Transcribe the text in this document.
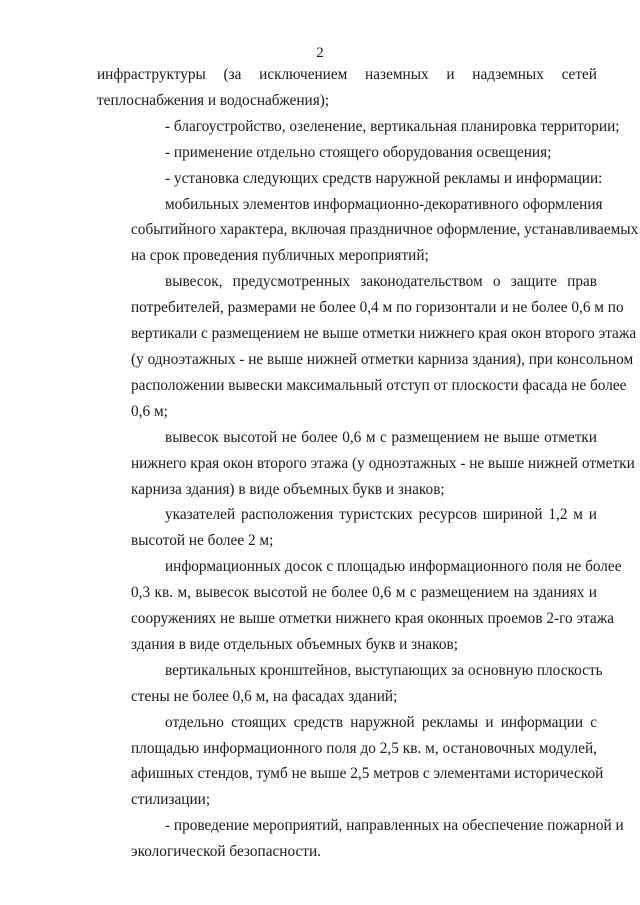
2
инфраструктуры (за исключением наземных и надземных сетей
теплоснабжения и водоснабжения);
- благоустройство, озеленение, вертикальная планировка территории;
- применение отдельно стоящего оборудования освещения;
- установка следующих средств наружной рекламы и информации:
мобильных элементов информационно-декоративного оформления
событийного характера, включая праздничное оформление, устанавливаемых
на срок проведения публичных мероприятий;
вывесок, предусмотренных законодательством о защите прав
потребителей, размерами не более 0,4 м по горизонтали и не более 0,6 м по
вертикали с размещением не выше отметки нижнего края окон второго этажа
(у одноэтажных - не выше нижней отметки карниза здания), при консольном
расположении вывески максимальный отступ от плоскости фасада не более
0,6 м;
вывесок высотой не более 0,6 м с размещением не выше отметки
нижнего края окон второго этажа (у одноэтажных - не выше нижней отметки
карниза здания) в виде объемных букв и знаков;
указателей расположения туристских ресурсов шириной 1,2 м и
высотой не более 2 м;
информационных досок с площадью информационного поля не более
0,3 кв. м, вывесок высотой не более 0,6 м с размещением на зданиях и
сооружениях не выше отметки нижнего края оконных проемов 2-го этажа
здания в виде отдельных объемных букв и знаков;
вертикальных кронштейнов, выступающих за основную плоскость
стены не более 0,6 м, на фасадах зданий;
отдельно стоящих средств наружной рекламы и информации с
площадью информационного поля до 2,5 кв. м, остановочных модулей,
афишных стендов, тумб не выше 2,5 метров с элементами исторической
стилизации;
- проведение мероприятий, направленных на обеспечение пожарной и
экологической безопасности.
